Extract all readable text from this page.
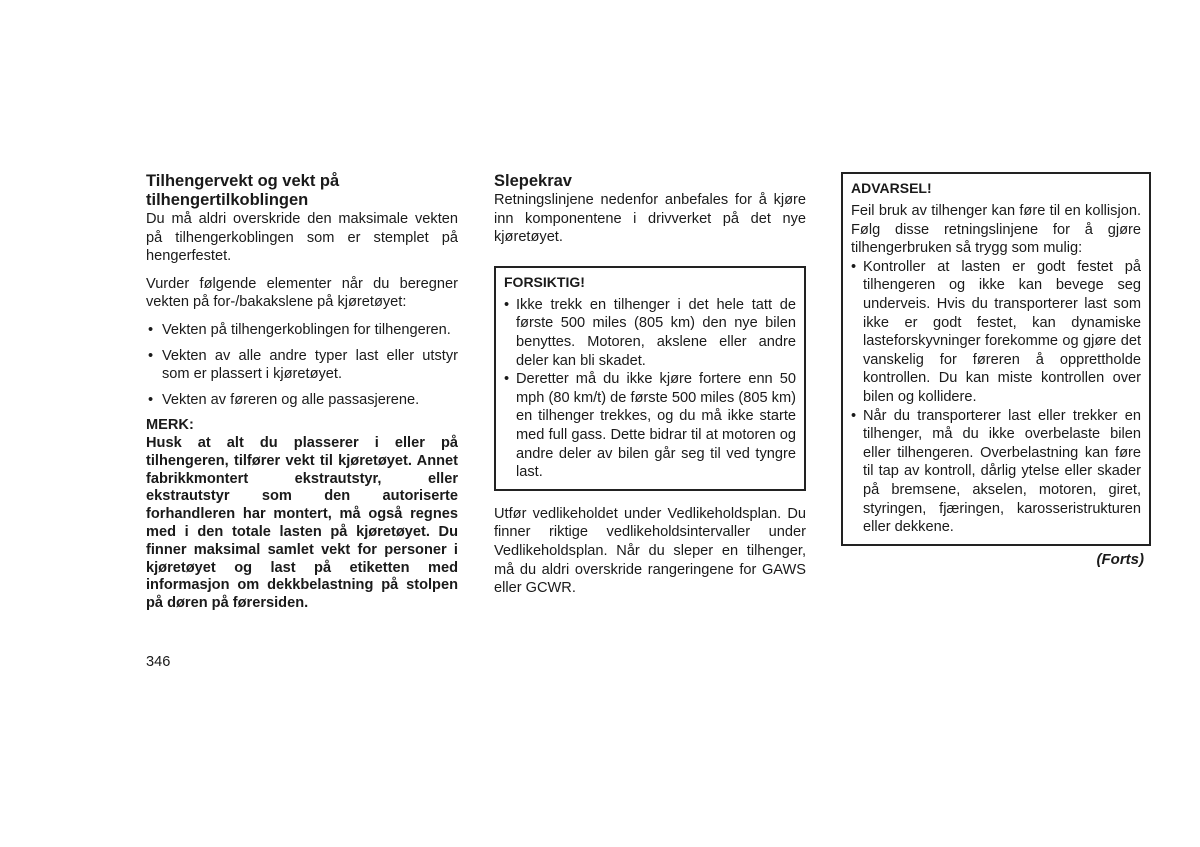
Tilhengervekt og vekt på tilhengertilkoblingen

Du må aldri overskride den maksimale vekten på tilhengerkoblingen som er stemplet på hengerfestet.

Vurder følgende elementer når du beregner vekten på for-/bakakslene på kjøretøyet:

• Vekten på tilhengerkoblingen for tilhengeren.
• Vekten av alle andre typer last eller utstyr som er plassert i kjøretøyet.
• Vekten av føreren og alle passasjerene.

MERK:

Husk at alt du plasserer i eller på tilhengeren, tilfører vekt til kjøretøyet. Annet fabrikkmontert ekstrautstyr, eller ekstrautstyr som den autoriserte forhandleren har montert, må også regnes med i den totale lasten på kjøretøyet. Du finner maksimal samlet vekt for personer i kjøretøyet og last på etiketten med informasjon om dekkbelastning på stolpen på døren på førersiden.

Slepekrav

Retningslinjene nedenfor anbefales for å kjøre inn komponentene i drivverket på det nye kjøretøyet.

FORSIKTIG!
• Ikke trekk en tilhenger i det hele tatt de første 500 miles (805 km) den nye bilen benyttes. Motoren, akslene eller andre deler kan bli skadet.
• Deretter må du ikke kjøre fortere enn 50 mph (80 km/t) de første 500 miles (805 km) en tilhenger trekkes, og du må ikke starte med full gass. Dette bidrar til at motoren og andre deler av bilen går seg til ved tyngre last.

Utfør vedlikeholdet under Vedlikeholdsplan. Du finner riktige vedlikeholdsintervaller under Vedlikeholdsplan. Når du sleper en tilhenger, må du aldri overskride rangeringene for GAWS eller GCWR.

ADVARSEL!

Feil bruk av tilhenger kan føre til en kollisjon. Følg disse retningslinjene for å gjøre tilhengerbruken så trygg som mulig:

• Kontroller at lasten er godt festet på tilhengeren og ikke kan bevege seg underveis. Hvis du transporterer last som ikke er godt festet, kan dynamiske lasteforskyvninger forekomme og gjøre det vanskelig for føreren å opprettholde kontrollen. Du kan miste kontrollen over bilen og kollidere.
• Når du transporterer last eller trekker en tilhenger, må du ikke overbelaste bilen eller tilhengeren. Overbelastning kan føre til tap av kontroll, dårlig ytelse eller skader på bremsene, akselen, motoren, giret, styringen, fjæringen, karosseristrukturen eller dekkene.
(Forts)
346
